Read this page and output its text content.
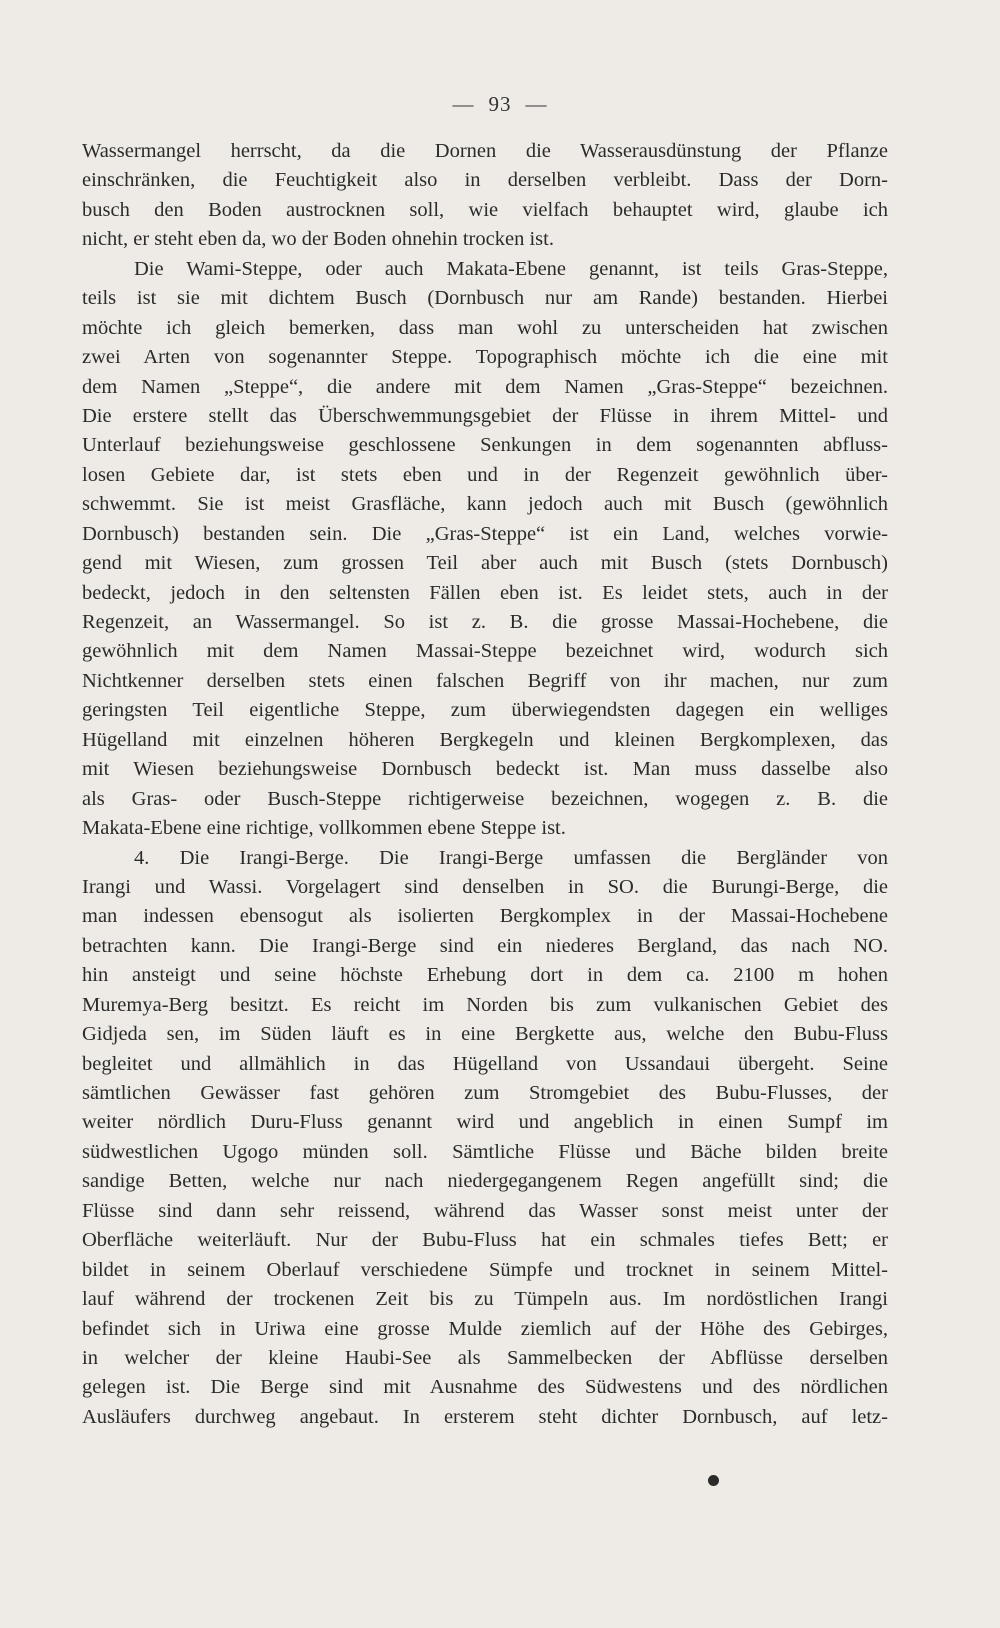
— 93 —
Wassermangel herrscht, da die Dornen die Wasserausdünstung der Pflanze
einschränken, die Feuchtigkeit also in derselben verbleibt. Dass der Dorn-
busch den Boden austrocknen soll, wie vielfach behauptet wird, glaube ich
nicht, er steht eben da, wo der Boden ohnehin trocken ist.
Die Wami-Steppe, oder auch Makata-Ebene genannt, ist teils Gras-Steppe,
teils ist sie mit dichtem Busch (Dornbusch nur am Rande) bestanden. Hierbei
möchte ich gleich bemerken, dass man wohl zu unterscheiden hat zwischen
zwei Arten von sogenannter Steppe. Topographisch möchte ich die eine mit
dem Namen „Steppe“, die andere mit dem Namen „Gras-Steppe“ bezeichnen.
Die erstere stellt das Überschwemmungsgebiet der Flüsse in ihrem Mittel- und
Unterlauf beziehungsweise geschlossene Senkungen in dem sogenannten abfluss-
losen Gebiete dar, ist stets eben und in der Regenzeit gewöhnlich über-
schwemmt. Sie ist meist Grasfläche, kann jedoch auch mit Busch (gewöhnlich
Dornbusch) bestanden sein. Die „Gras-Steppe“ ist ein Land, welches vorwie-
gend mit Wiesen, zum grossen Teil aber auch mit Busch (stets Dornbusch)
bedeckt, jedoch in den seltensten Fällen eben ist. Es leidet stets, auch in der
Regenzeit, an Wassermangel. So ist z. B. die grosse Massai-Hochebene, die
gewöhnlich mit dem Namen Massai-Steppe bezeichnet wird, wodurch sich
Nichtkenner derselben stets einen falschen Begriff von ihr machen, nur zum
geringsten Teil eigentliche Steppe, zum überwiegendsten dagegen ein welliges
Hügelland mit einzelnen höheren Bergkegeln und kleinen Bergkomplexen, das
mit Wiesen beziehungsweise Dornbusch bedeckt ist. Man muss dasselbe also
als Gras- oder Busch-Steppe richtigerweise bezeichnen, wogegen z. B. die
Makata-Ebene eine richtige, vollkommen ebene Steppe ist.
4. Die Irangi-Berge. Die Irangi-Berge umfassen die Bergländer von
Irangi und Wassi. Vorgelagert sind denselben in SO. die Burungi-Berge, die
man indessen ebensogut als isolierten Bergkomplex in der Massai-Hochebene
betrachten kann. Die Irangi-Berge sind ein niederes Bergland, das nach NO.
hin ansteigt und seine höchste Erhebung dort in dem ca. 2100 m hohen
Muremya-Berg besitzt. Es reicht im Norden bis zum vulkanischen Gebiet des
Gidjeda sen, im Süden läuft es in eine Bergkette aus, welche den Bubu-Fluss
begleitet und allmählich in das Hügelland von Ussandaui übergeht. Seine
sämtlichen Gewässer fast gehören zum Stromgebiet des Bubu-Flusses, der
weiter nördlich Duru-Fluss genannt wird und angeblich in einen Sumpf im
südwestlichen Ugogo münden soll. Sämtliche Flüsse und Bäche bilden breite
sandige Betten, welche nur nach niedergegangenem Regen angefüllt sind; die
Flüsse sind dann sehr reissend, während das Wasser sonst meist unter der
Oberfläche weiterläuft. Nur der Bubu-Fluss hat ein schmales tiefes Bett; er
bildet in seinem Oberlauf verschiedene Sümpfe und trocknet in seinem Mittel-
lauf während der trockenen Zeit bis zu Tümpeln aus. Im nordöstlichen Irangi
befindet sich in Uriwa eine grosse Mulde ziemlich auf der Höhe des Gebirges,
in welcher der kleine Haubi-See als Sammelbecken der Abflüsse derselben
gelegen ist. Die Berge sind mit Ausnahme des Südwestens und des nördlichen
Ausläufers durchweg angebaut. In ersterem steht dichter Dornbusch, auf letz-
